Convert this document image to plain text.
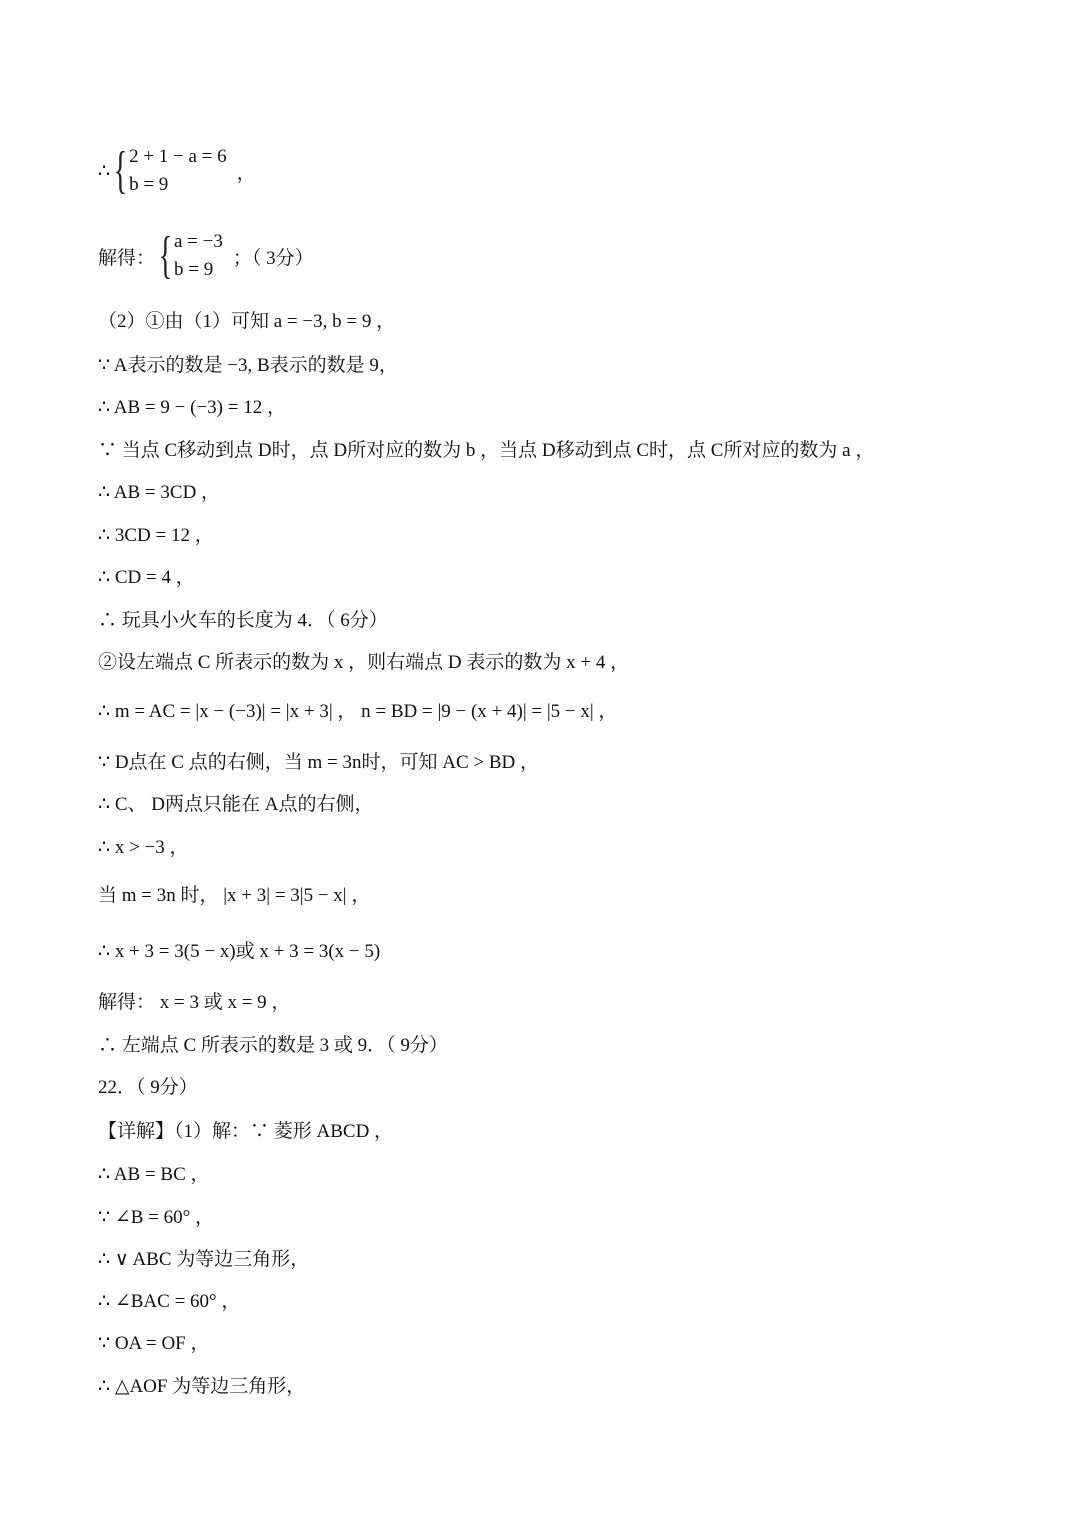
∴ { 2 + 1 − a = 6
b = 9
，
解得： { a = −3
b = 9
；（ 3分）
（2）①由（1）可知 a = −3, b = 9 ，
∵ A表示的数是 −3, B表示的数是 9，
∴ AB = 9 − (−3) = 12 ，
∵ 当点 C移动到点 D时，点 D所对应的数为 b ，当点 D移动到点 C时，点 C所对应的数为 a ，
∴ AB = 3CD ，
∴ 3CD = 12 ，
∴ CD = 4 ，
∴ 玩具小火车的长度为 4．（ 6分）
②设左端点 C 所表示的数为 x ，则右端点 D 表示的数为 x + 4 ，
∴ m = AC = |x − (−3)| = |x + 3| ， n = BD = |9 − (x + 4)| = |5 − x| ，
∵ D点在 C 点的右侧，当 m = 3n时，可知 AC > BD ，
∴ C、 D两点只能在 A点的右侧，
∴ x > −3 ，
当 m = 3n 时， |x + 3| = 3|5 − x| ，
∴ x + 3 = 3(5 − x)或 x + 3 = 3(x − 5)
解得： x = 3 或 x = 9 ，
∴ 左端点 C 所表示的数是 3 或 9．（ 9分）
22．（ 9分）
【详解】（1）解：∵ 菱形 ABCD ，
∴ AB = BC ，
∵ ∠B = 60° ，
∴ ∨ ABC 为等边三角形，
∴ ∠BAC = 60° ，
∵ OA = OF ，
∴ △AOF 为等边三角形，
